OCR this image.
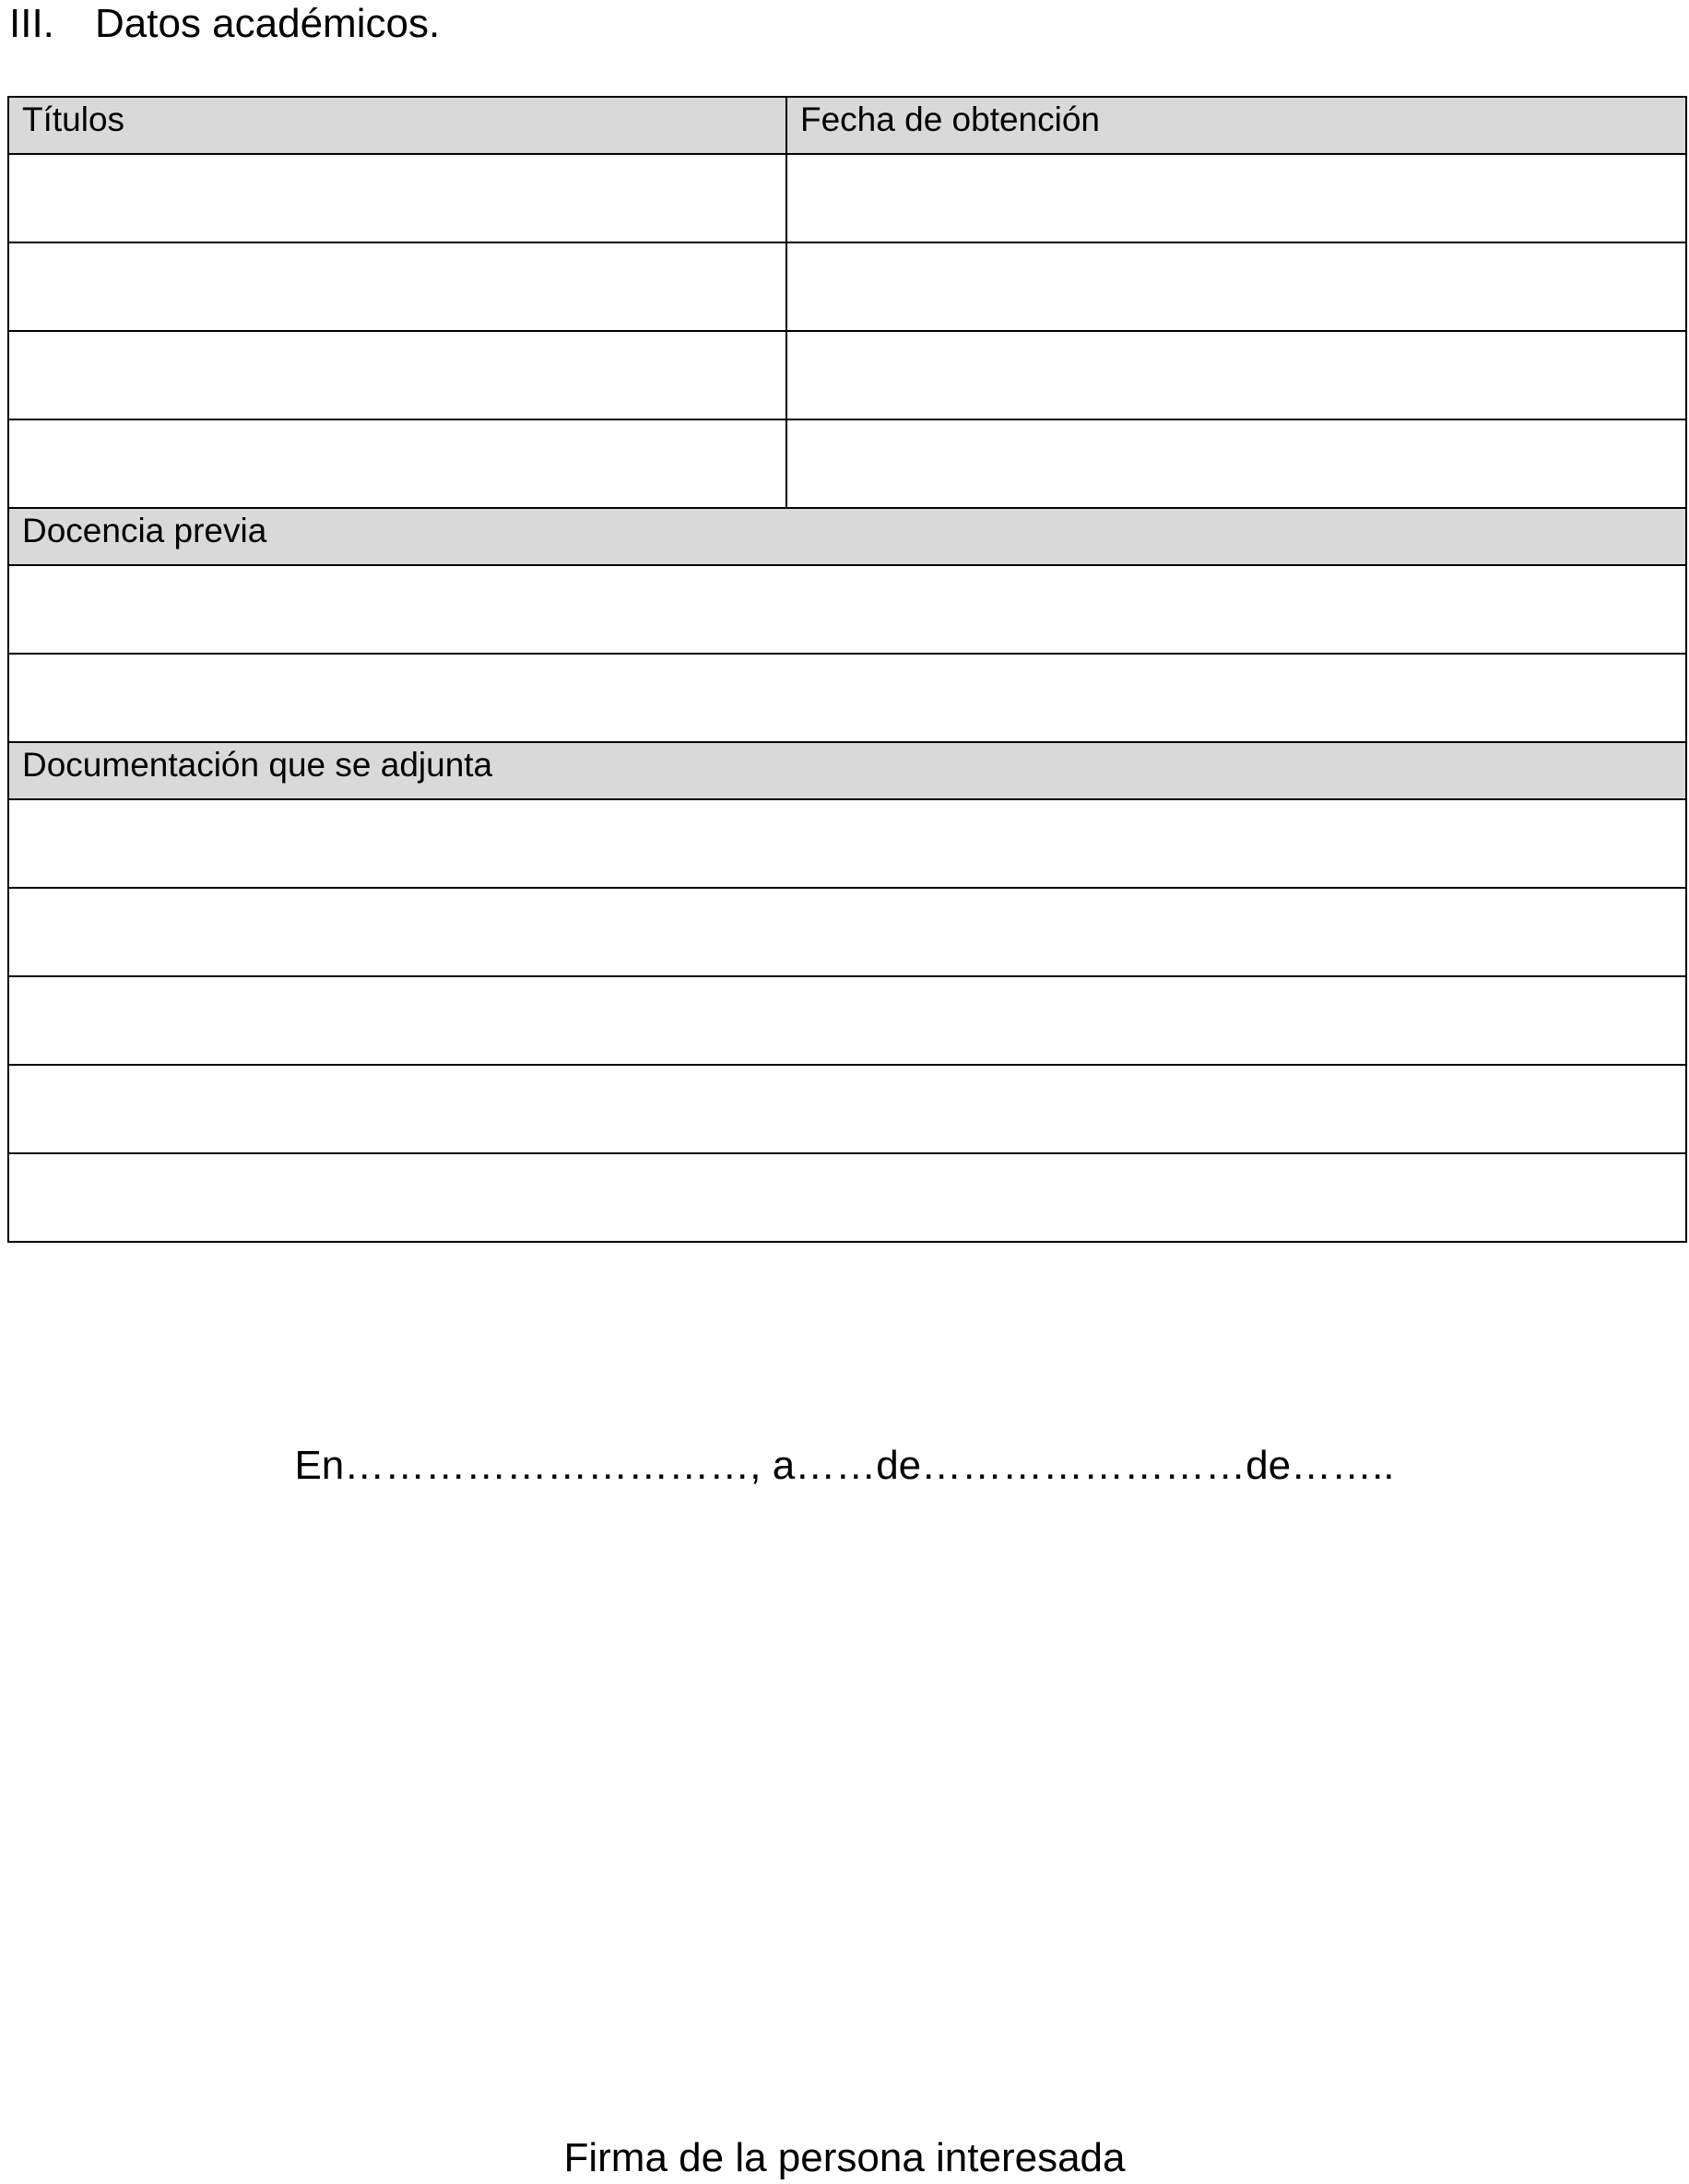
III.	Datos académicos.
Títulos	Fecha de obtención

Docencia previa	

Documentación que se adjunta	

En…………………………, a……de……………………de……..
Firma de la persona interesada
